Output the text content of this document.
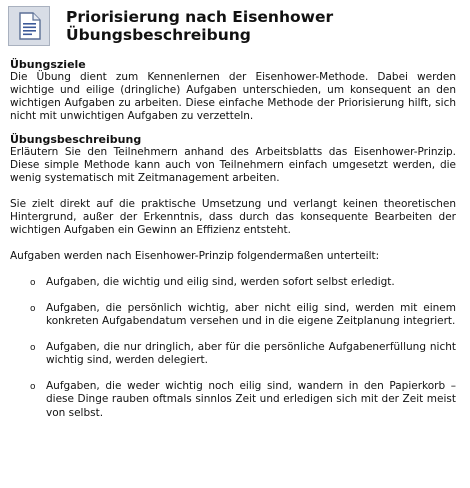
Priorisierung nach Eisenhower
Übungsbeschreibung
Übungsziele

Die Übung dient zum Kennenlernen der Eisenhower-Methode. Dabei werden wichtige und eilige (dringliche) Aufgaben unterschieden, um konsequent an den wichtigen Aufgaben zu arbeiten. Diese einfache Methode der Priorisierung hilft, sich nicht mit unwichtigen Aufgaben zu verzetteln.

Übungsbeschreibung

Erläutern Sie den Teilnehmern anhand des Arbeitsblatts das Eisenhower-Prinzip. Diese simple Methode kann auch von Teilnehmern einfach umgesetzt werden, die wenig systematisch mit Zeitmanagement arbeiten.

Sie zielt direkt auf die praktische Umsetzung und verlangt keinen theoretischen Hintergrund, außer der Erkenntnis, dass durch das konsequente Bearbeiten der wichtigen Aufgaben ein Gewinn an Effizienz entsteht.

Aufgaben werden nach Eisenhower-Prinzip folgendermaßen unterteilt:

o Aufgaben, die wichtig und eilig sind, werden sofort selbst erledigt.
o Aufgaben, die persönlich wichtig, aber nicht eilig sind, werden mit einem konkreten Aufgabendatum versehen und in die eigene Zeitplanung integriert.
o Aufgaben, die nur dringlich, aber für die persönliche Aufgabenerfüllung nicht wichtig sind, werden delegiert.
o Aufgaben, die weder wichtig noch eilig sind, wandern in den Papierkorb – diese Dinge rauben oftmals sinnlos Zeit und erledigen sich mit der Zeit meist von selbst.
